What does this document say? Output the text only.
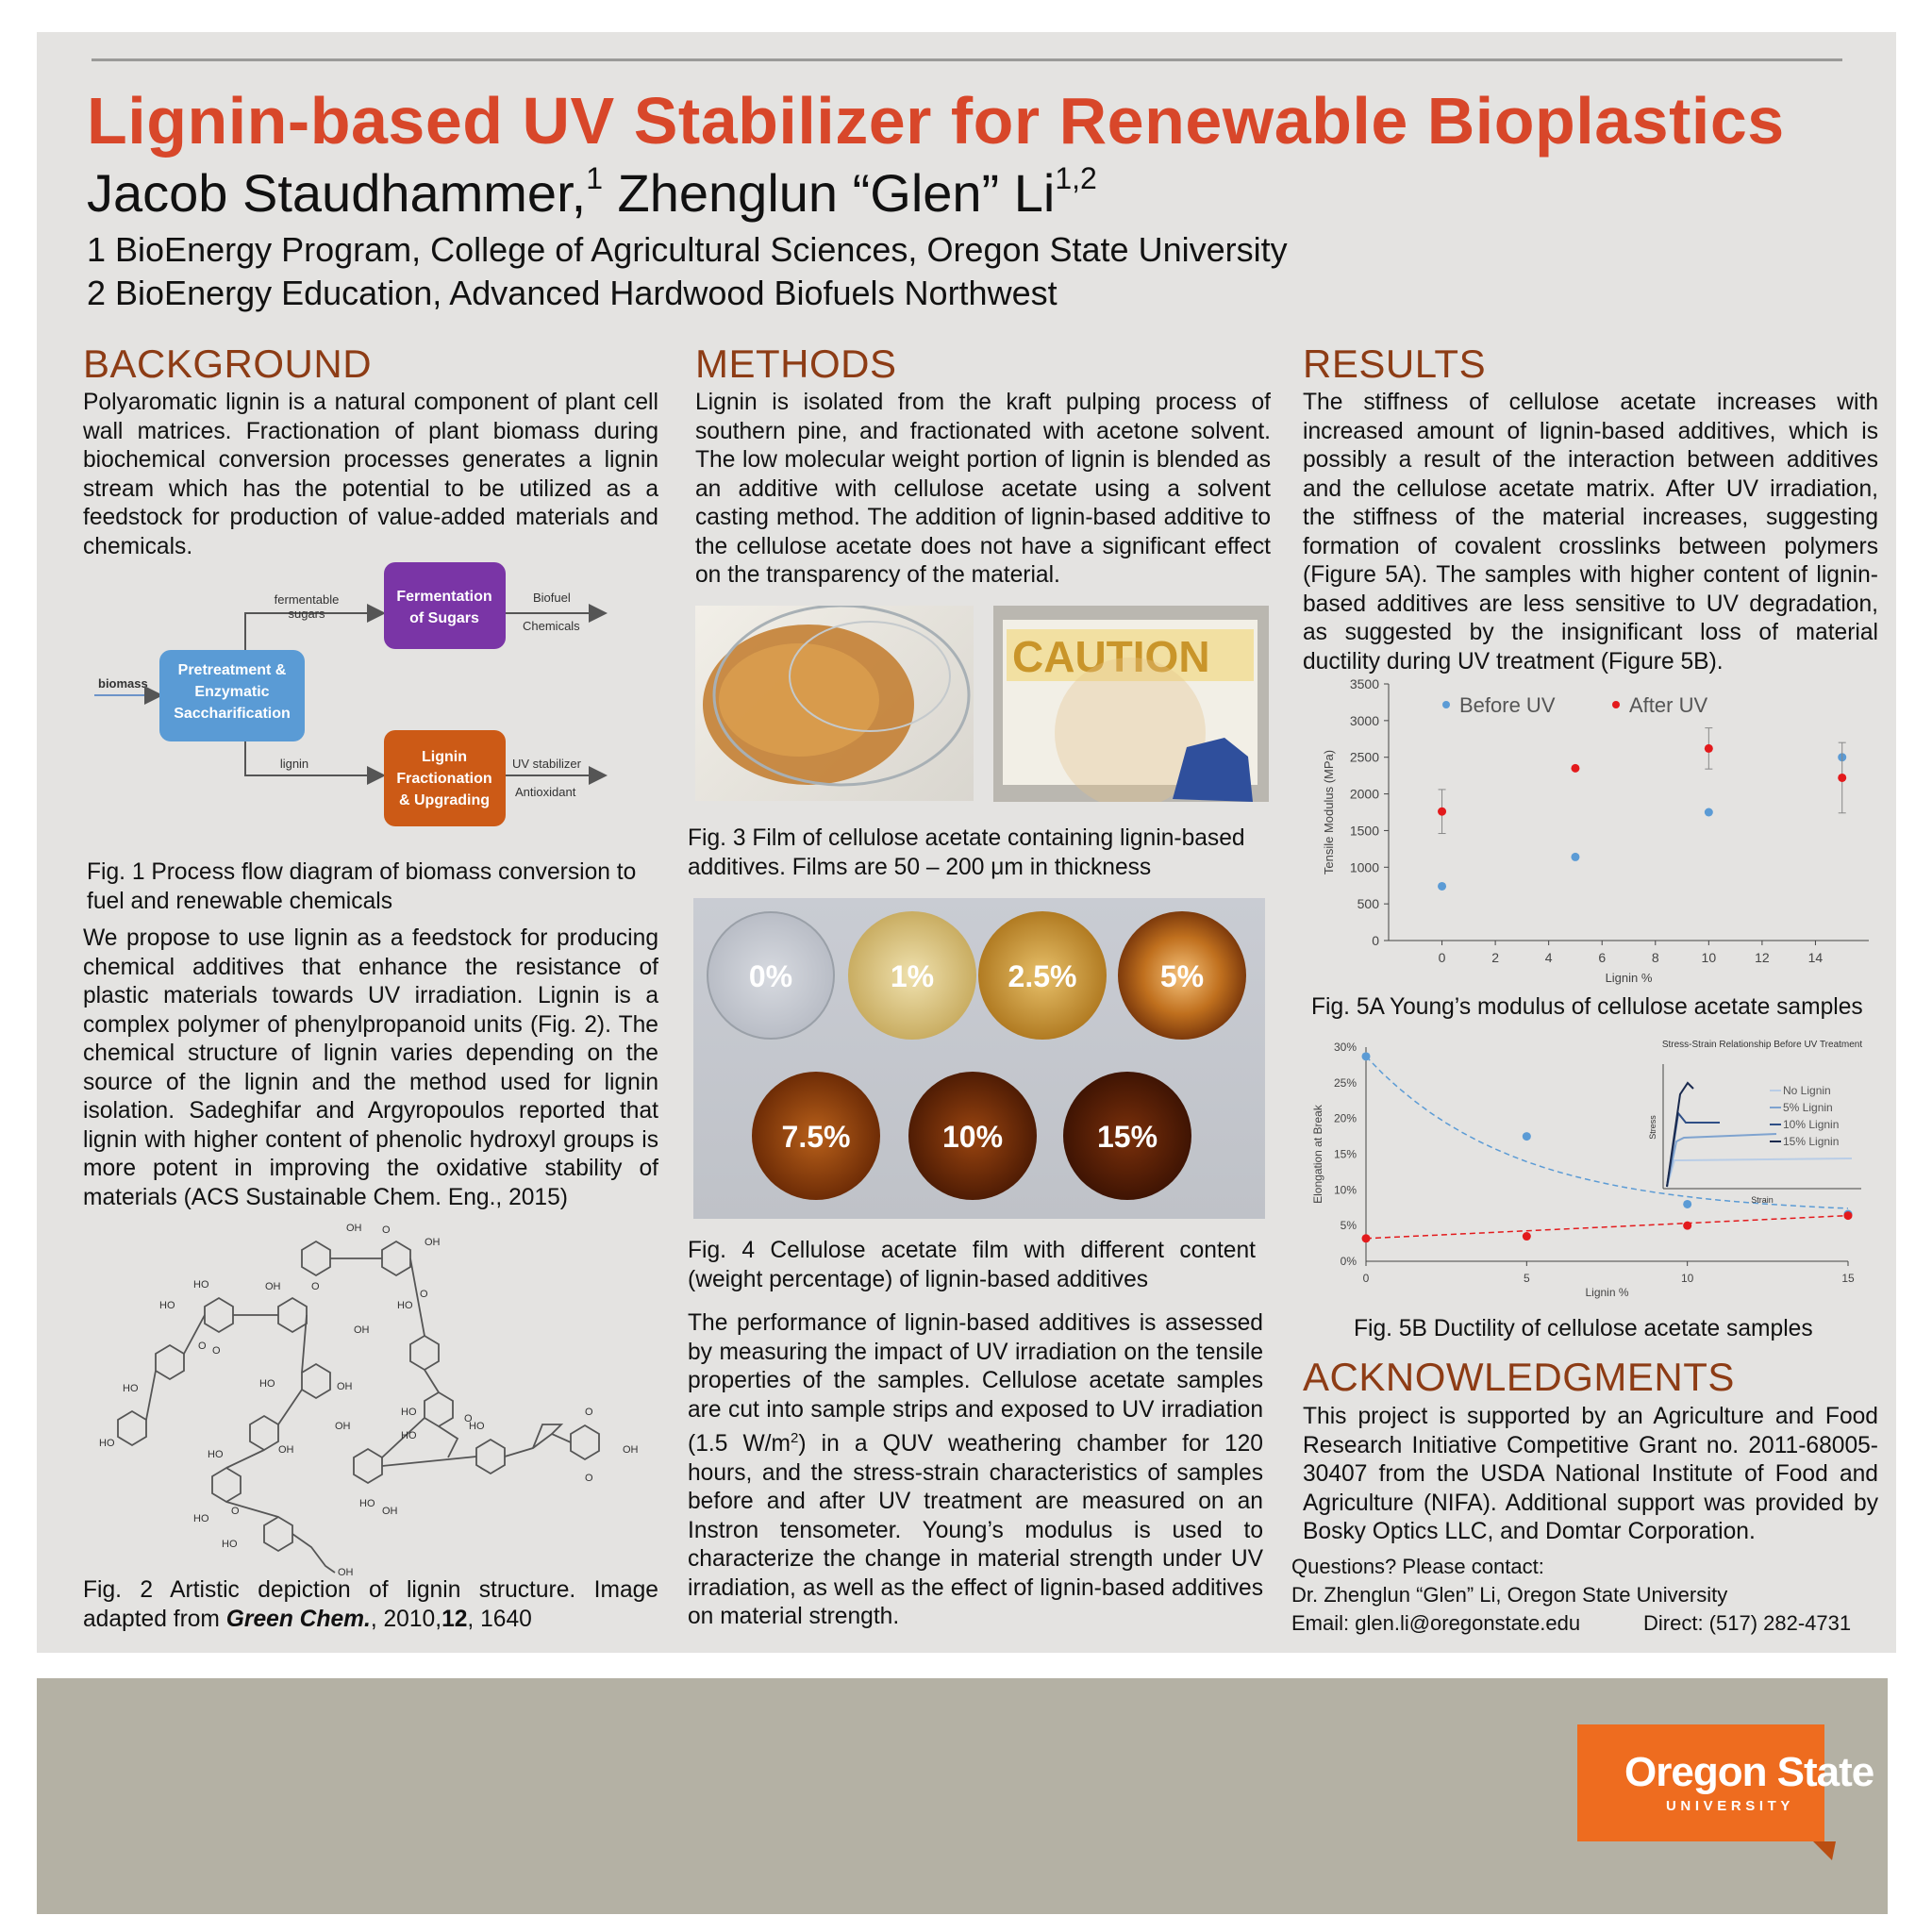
Lignin-based UV Stabilizer for Renewable Bioplastics
Jacob Staudhammer,$^1$ Zhenglun “Glen” Li$^{1,2}$
1 BioEnergy Program, College of Agricultural Sciences, Oregon State University
2 BioEnergy Education, Advanced Hardwood Biofuels Northwest
BACKGROUND
Polyaromatic lignin is a natural component of plant cell wall matrices. Fractionation of plant biomass during biochemical conversion processes generates a lignin stream which has the potential to be utilized as a feedstock for production of value-added materials and chemicals.
biomass
Pretreatment &
Enzymatic
Saccharification
fermentable
sugars
Fermentation
of Sugars
Biofuel
Chemicals
lignin	Lignin
Fractionation
& Upgrading
UV stabilizer
Antioxidant
Fig. 1 Process flow diagram of biomass conversion to fuel and renewable chemicals
We propose to use lignin as a feedstock for producing chemical additives that enhance the resistance of plastic materials towards UV irradiation. Lignin is a complex polymer of phenylpropanoid units (Fig. 2). The chemical structure of lignin varies depending on the source of the lignin and the method used for lignin isolation. Sadeghifar and Argyropoulos reported that lignin with higher content of phenolic hydroxyl groups is more potent in improving the oxidative stability of materials (ACS Sustainable Chem. Eng., 2015)
OH O
OH
OH
HO
HO
O
HO
O
OH
O
HO
HO
O
HO	OH
OH
HO	OH
HO
HO
O
HO
OH
OH
O
O
O
HO
HO
OH
HO
Fig. 2 Artistic depiction of lignin structure. Image adapted from Green Chem., 2010,12, 1640
METHODS
Lignin is isolated from the kraft pulping process of southern pine, and fractionated with acetone solvent. The low molecular weight portion of lignin is blended as an additive with cellulose acetate using a solvent casting method. The addition of lignin-based additive to the cellulose acetate does not have a significant effect on the transparency of the material.
CAUTION
Fig. 3 Film of cellulose acetate containing lignin-based additives. Films are 50 – 200 μm in thickness
0%	1% 2.5%	5%
7.5%	10%	15%
Fig. 4 Cellulose acetate film with different content (weight percentage) of lignin-based additives
The performance of lignin-based additives is assessed by measuring the impact of UV irradiation on the tensile properties of the samples. Cellulose acetate samples are cut into sample strips and exposed to UV irradiation (1.5 $W/m^2$) in a QUV weathering chamber for 120 hours, and the stress-strain characteristics of samples before and after UV treatment are measured on an Instron tensometer. Young’s modulus is used to characterize the change in material strength under UV irradiation, as well as the effect of lignin-based additives on material strength.
RESULTS
The stiffness of cellulose acetate increases with increased amount of lignin-based additives, which is possibly a result of the interaction between additives and the cellulose acetate matrix. After UV irradiation, the stiffness of the material increases, suggesting formation of covalent crosslinks between polymers (Figure 5A). The samples with higher content of lignin-based additives are less sensitive to UV degradation, as suggested by the insignificant loss of material ductility during UV treatment (Figure 5B).
0
500
1000
1500
2000
2500
3000
3500
0	2	4	6	8	10	12	14
Lignin %
Tensile Modulus (MPa)
Before UV	After UV
Fig. 5A Young’s modulus of cellulose acetate samples
0%
5%
10%
15%
20%
25%
30%
0	5	10	15
Lignin %
Elongation at Break
Stress-Strain Relationship Before UV Treatment
Stress
Strain
No Lignin
5% Lignin
10% Lignin
15% Lignin
Fig. 5B Ductility of cellulose acetate samples
ACKNOWLEDGMENTS
This project is supported by an Agriculture and Food Research Initiative Competitive Grant no. 2011-68005-30407 from the USDA National Institute of Food and Agriculture (NIFA). Additional support was provided by Bosky Optics LLC, and Domtar Corporation.
Questions? Please contact:
Dr. Zhenglun “Glen” Li, Oregon State University
Email: glen.li@oregonstate.edu	Direct: (517) 282-4731
Oregon State
UNIVERSITY
